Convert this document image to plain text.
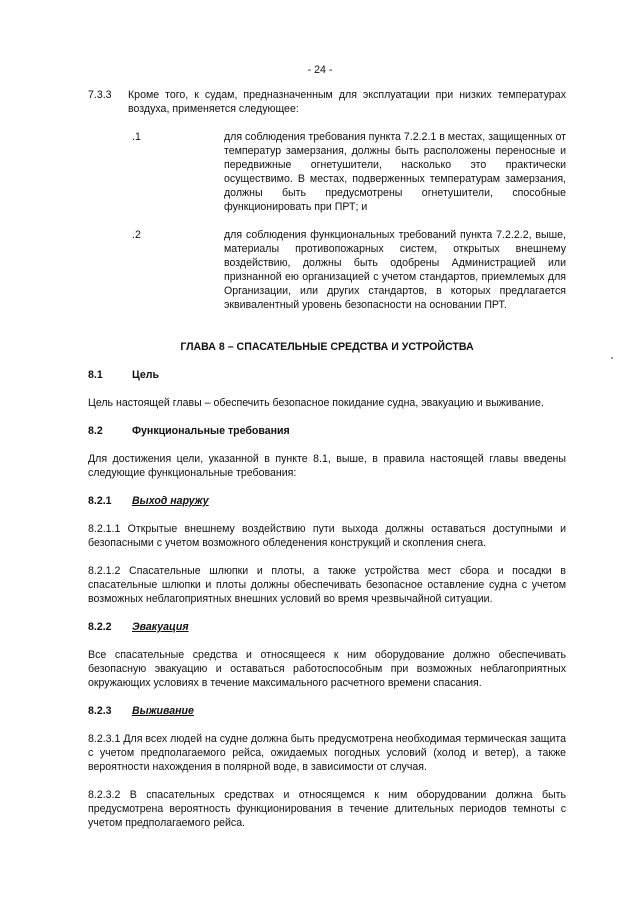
- 24 -
7.3.3	Кроме того, к судам, предназначенным для эксплуатации при низких температурах воздуха, применяется следующее:

.1	для соблюдения требования пункта 7.2.2.1 в местах, защищенных от температур замерзания, должны быть расположены переносные и передвижные огнетушители, насколько это практически осуществимо. В местах, подверженных температурам замерзания, должны быть предусмотрены огнетушители, способные функционировать при ПРТ; и

.2	для соблюдения функциональных требований пункта 7.2.2.2, выше, материалы противопожарных систем, открытых внешнему воздействию, должны быть одобрены Администрацией или признанной ею организацией с учетом стандартов, приемлемых для Организации, или других стандартов, в которых предлагается эквивалентный уровень безопасности на основании ПРТ.

ГЛАВА 8 – СПАСАТЕЛЬНЫЕ СРЕДСТВА И УСТРОЙСТВА
8.1	Цель

Цель настоящей главы – обеспечить безопасное покидание судна, эвакуацию и выживание.

8.2	Функциональные требования

Для достижения цели, указанной в пункте 8.1, выше, в правила настоящей главы введены следующие функциональные требования:

8.2.1	Выход наружу

8.2.1.1 Открытые внешнему воздействию пути выхода должны оставаться доступными и безопасными с учетом возможного обледенения конструкций и скопления снега.

8.2.1.2 Спасательные шлюпки и плоты, а также устройства мест сбора и посадки в спасательные шлюпки и плоты должны обеспечивать безопасное оставление судна с учетом возможных неблагоприятных внешних условий во время чрезвычайной ситуации.

8.2.2	Эвакуация

Все спасательные средства и относящееся к ним оборудование должно обеспечивать безопасную эвакуацию и оставаться работоспособным при возможных неблагоприятных окружающих условиях в течение максимального расчетного времени спасания.

8.2.3	Выживание

8.2.3.1 Для всех людей на судне должна быть предусмотрена необходимая термическая защита с учетом предполагаемого рейса, ожидаемых погодных условий (холод и ветер), а также вероятности нахождения в полярной воде, в зависимости от случая.

8.2.3.2 В спасательных средствах и относящемся к ним оборудовании должна быть предусмотрена вероятность функционирования в течение длительных периодов темноты с учетом предполагаемого рейса.
